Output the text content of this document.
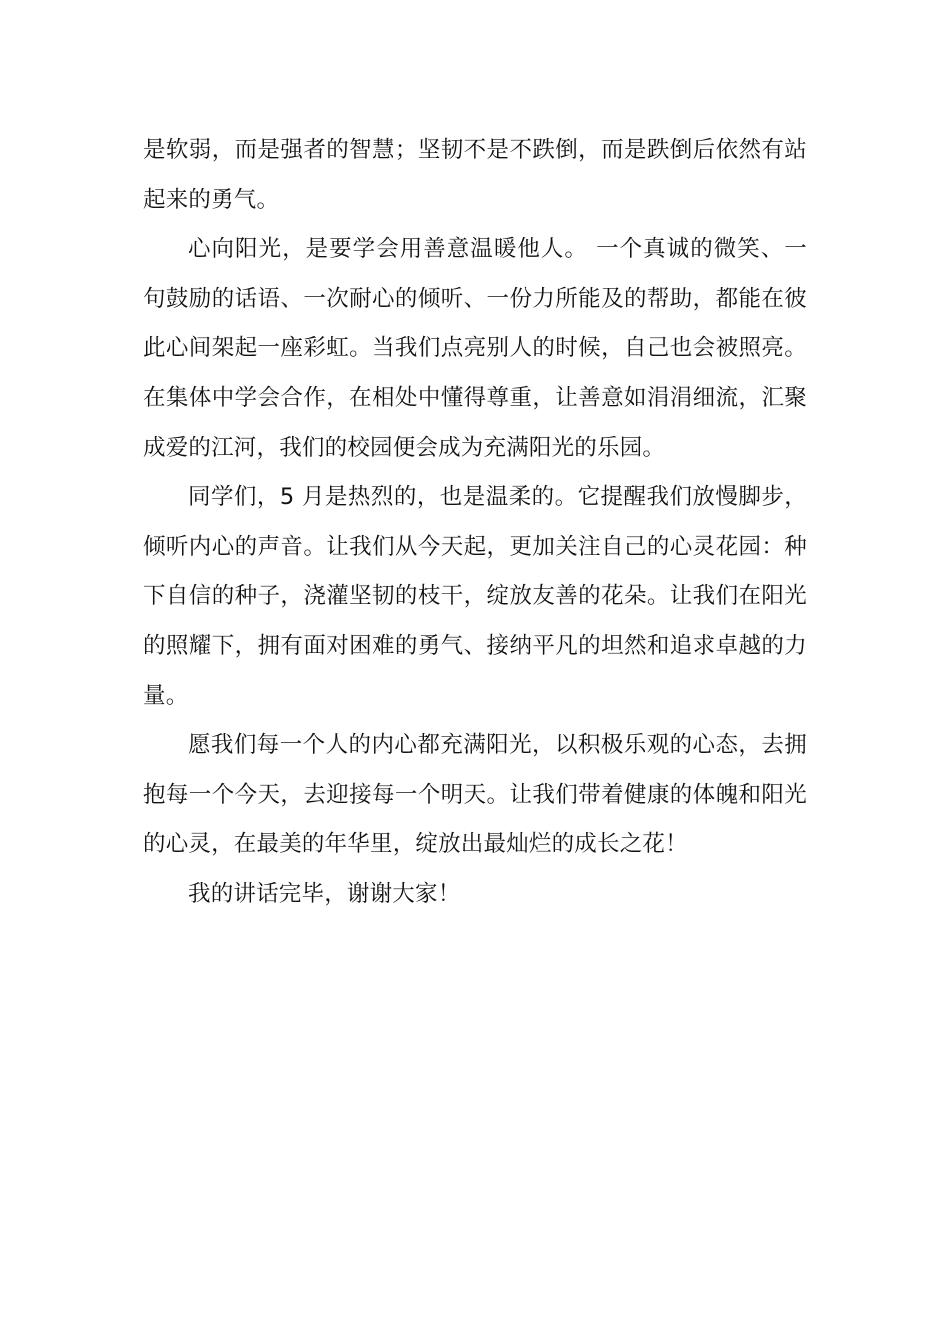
是软弱，而是强者的智慧；坚韧不是不跌倒，而是跌倒后依然有站起来的勇气。

心向阳光，是要学会用善意温暖他人。 一个真诚的微笑、一句鼓励的话语、一次耐心的倾听、一份力所能及的帮助，都能在彼此心间架起一座彩虹。当我们点亮别人的时候，自己也会被照亮。在集体中学会合作，在相处中懂得尊重，让善意如涓涓细流，汇聚成爱的江河，我们的校园便会成为充满阳光的乐园。

同学们，5 月是热烈的，也是温柔的。它提醒我们放慢脚步，倾听内心的声音。让我们从今天起，更加关注自己的心灵花园：种下自信的种子，浇灌坚韧的枝干，绽放友善的花朵。让我们在阳光的照耀下，拥有面对困难的勇气、接纳平凡的坦然和追求卓越的力量。

愿我们每一个人的内心都充满阳光，以积极乐观的心态，去拥抱每一个今天，去迎接每一个明天。让我们带着健康的体魄和阳光的心灵，在最美的年华里，绽放出最灿烂的成长之花！

我的讲话完毕，谢谢大家！
